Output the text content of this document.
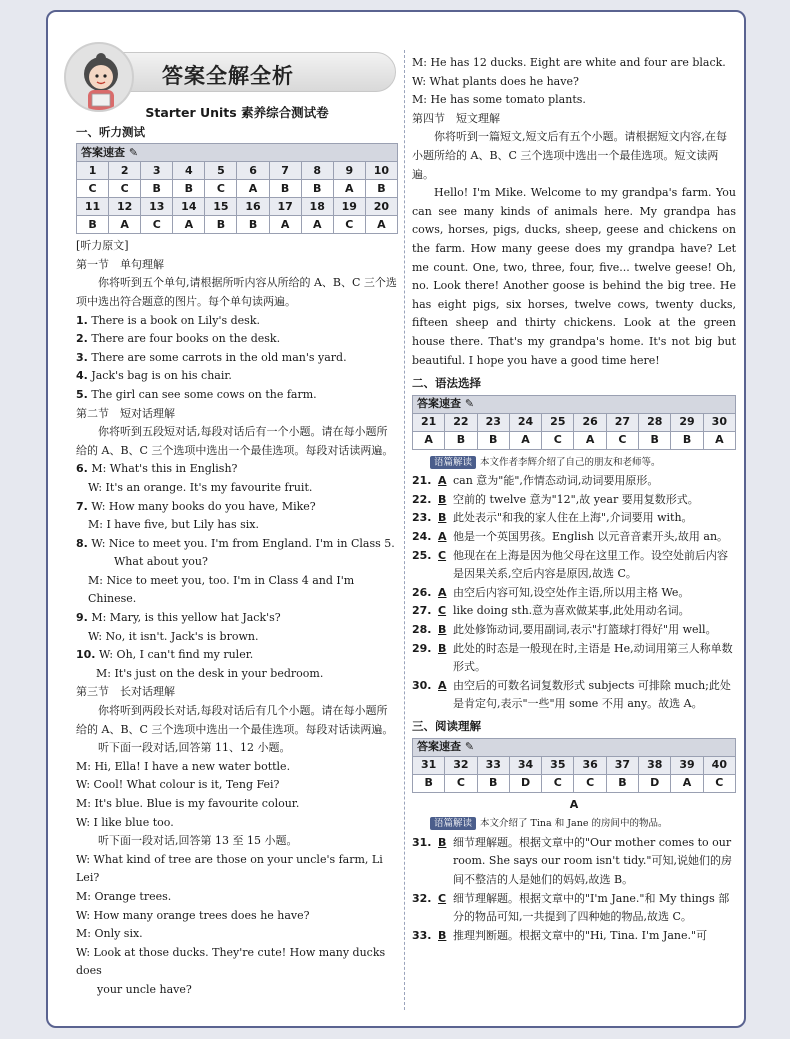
答案全解全析
Starter Units 素养综合测试卷
一、听力测试
答案速查 ✎									
1	2	3	4	5	6	7	8	9	10
C	C	B	B	C	A	B	B	A	B
11	12	13	14	15	16	17	18	19	20
B	A	C	A	B	B	A	A	C	A
[听力原文]
第一节　单句理解
你将听到五个单句,请根据所听内容从所给的 A、B、C 三个选项中选出符合题意的图片。每个单句读两遍。
1. There is a book on Lily's desk.
2. There are four books on the desk.
3. There are some carrots in the old man's yard.
4. Jack's bag is on his chair.
5. The girl can see some cows on the farm.
第二节　短对话理解
你将听到五段短对话,每段对话后有一个小题。请在每小题所给的 A、B、C 三个选项中选出一个最佳选项。每段对话读两遍。
6. M: What's this in English?
W: It's an orange. It's my favourite fruit.
7. W: How many books do you have, Mike?
M: I have five, but Lily has six.
8. W: Nice to meet you. I'm from England. I'm in Class 5.
What about you?
M: Nice to meet you, too. I'm in Class 4 and I'm Chinese.
9. M: Mary, is this yellow hat Jack's?
W: No, it isn't. Jack's is brown.
10. W: Oh, I can't find my ruler.
M: It's just on the desk in your bedroom.
第三节　长对话理解
你将听到两段长对话,每段对话后有几个小题。请在每小题所给的 A、B、C 三个选项中选出一个最佳选项。每段对话读两遍。
听下面一段对话,回答第 11、12 小题。
M: Hi, Ella! I have a new water bottle.
W: Cool! What colour is it, Teng Fei?
M: It's blue. Blue is my favourite colour.
W: I like blue too.
听下面一段对话,回答第 13 至 15 小题。
W: What kind of tree are those on your uncle's farm, Li Lei?
M: Orange trees.
W: How many orange trees does he have?
M: Only six.
W: Look at those ducks. They're cute! How many ducks does
your uncle have?
M: He has 12 ducks. Eight are white and four are black.
W: What plants does he have?
M: He has some tomato plants.
第四节　短文理解
你将听到一篇短文,短文后有五个小题。请根据短文内容,在每小题所给的 A、B、C 三个选项中选出一个最佳选项。短文读两遍。
Hello! I'm Mike. Welcome to my grandpa's farm. You can see many kinds of animals here. My grandpa has cows, horses, pigs, ducks, sheep, geese and chickens on the farm. How many geese does my grandpa have? Let me count. One, two, three, four, five... twelve geese! Oh, no. Look there! Another goose is behind the big tree. He has eight pigs, six horses, twelve cows, twenty ducks, fifteen sheep and thirty chickens. Look at the green house there. That's my grandpa's home. It's not big but beautiful. I hope you have a good time here!
二、语法选择
答案速查 ✎									
21	22	23	24	25	26	27	28	29	30
A	B	B	A	C	A	C	B	B	A
语篇解读 本文作者李辉介绍了自己的朋友和老师等。
21. A can 意为"能",作情态动词,动词要用原形。
22. B 空前的 twelve 意为"12",故 year 要用复数形式。
23. B 此处表示"和我的家人住在上海",介词要用 with。
24. A 他是一个英国男孩。English 以元音音素开头,故用 an。
25. C 他现在在上海是因为他父母在这里工作。设空处前后内容是因果关系,空后内容是原因,故选 C。
26. A 由空后内容可知,设空处作主语,所以用主格 We。
27. C like doing sth.意为喜欢做某事,此处用动名词。
28. B 此处修饰动词,要用副词,表示"打篮球打得好"用 well。
29. B 此处的时态是一般现在时,主语是 He,动词用第三人称单数形式。
30. A 由空后的可数名词复数形式 subjects 可排除 much;此处是肯定句,表示"一些"用 some 不用 any。故选 A。
三、阅读理解
答案速查 ✎									
31	32	33	34	35	36	37	38	39	40
B	C	B	D	C	C	B	D	A	C
A
语篇解读 本文介绍了 Tina 和 Jane 的房间中的物品。
31. B 细节理解题。根据文章中的"Our mother comes to our room. She says our room isn't tidy."可知,说她们的房间不整洁的人是她们的妈妈,故选 B。
32. C 细节理解题。根据文章中的"I'm Jane."和 My things 部分的物品可知,一共提到了四种她的物品,故选 C。
33. B 推理判断题。根据文章中的"Hi, Tina. I'm Jane."可
